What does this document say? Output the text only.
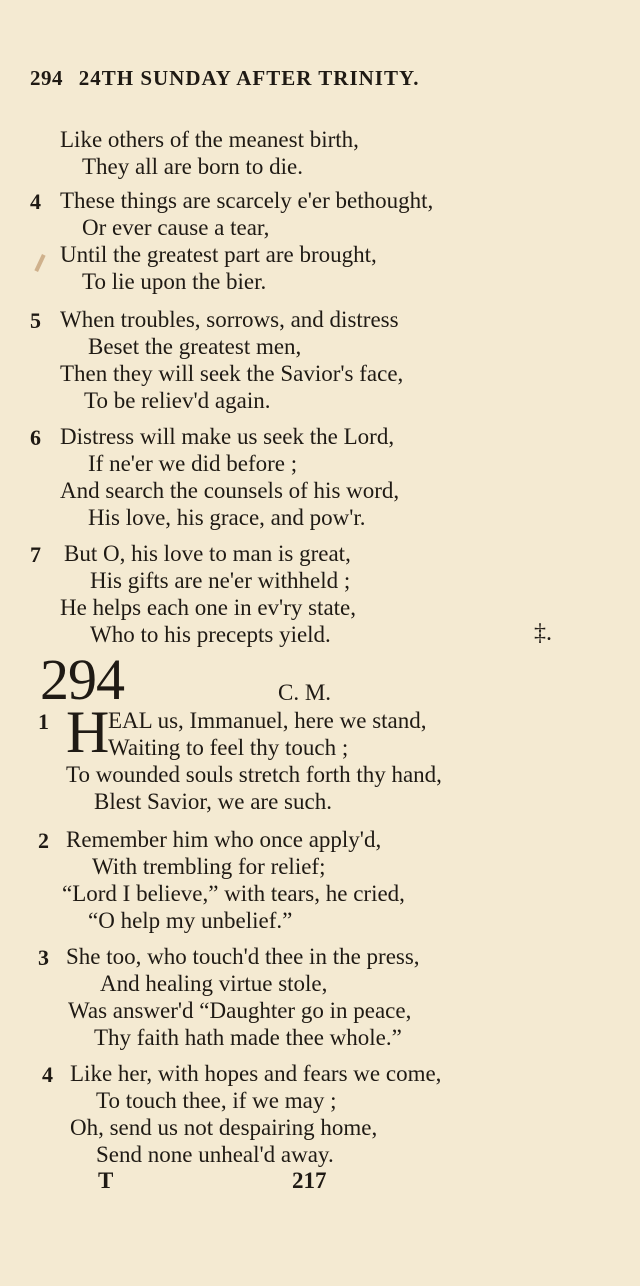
294 24TH SUNDAY AFTER TRINITY.
Like others of the meanest birth,
They all are born to die.
4 These things are scarcely e'er bethought,
Or ever cause a tear,
Until the greatest part are brought,
To lie upon the bier.
5 When troubles, sorrows, and distress
Beset the greatest men,
Then they will seek the Savior's face,
To be reliev'd again.
6 Distress will make us seek the Lord,
If ne'er we did before ;
And search the counsels of his word,
His love, his grace, and pow'r.
7 But O, his love to man is great,
His gifts are ne'er withheld ;
He helps each one in ev'ry state,
Who to his precepts yield.	‡.
294	C. M.
1 H
EAL us, Immanuel, here we stand,
Waiting to feel thy touch ;
To wounded souls stretch forth thy hand,
Blest Savior, we are such.
2 Remember him who once apply'd,
With trembling for relief;
“Lord I believe,” with tears, he cried,
“O help my unbelief.”
3 She too, who touch'd thee in the press,
And healing virtue stole,
Was answer'd “Daughter go in peace,
Thy faith hath made thee whole.”
4 Like her, with hopes and fears we come,
To touch thee, if we may ;
Oh, send us not despairing home,
Send none unheal'd away.
T	217
